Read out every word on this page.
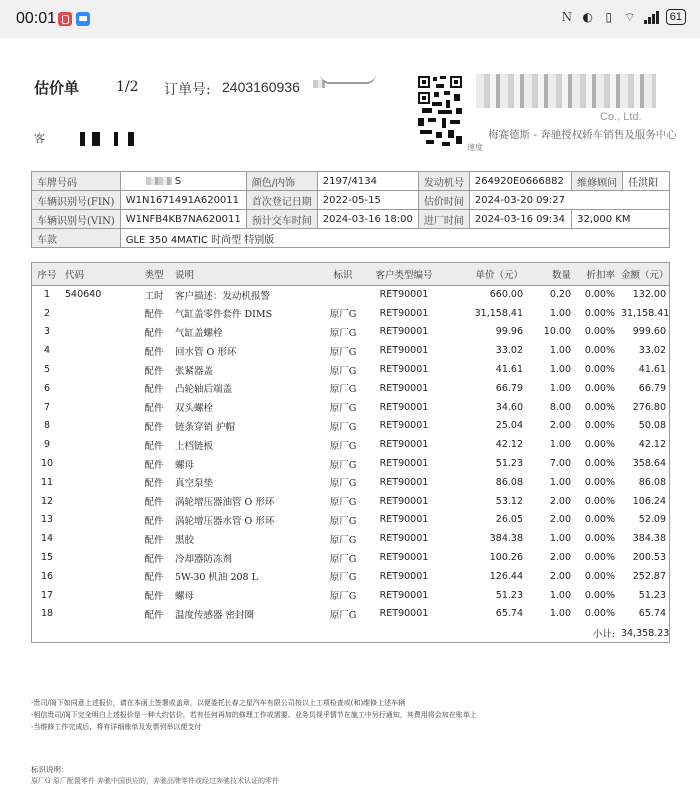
00:01	Ｎ ◐	▯	⌔	61
估价单	1/2 订单号: 2403160936
客
Co., Ltd.
梅赛德斯 - 奔驰授权轿车销售及服务中心
速度
车牌号码	S	颜色/内饰	2197/4134	发动机号	264920E0666882	维修顾问	任洪阳
车辆识别号(FIN)	W1N1671491A620011	首次登记日期	2022-05-15	估价时间	2024-03-20 09:27		
车辆识别号(VIN)	W1NFB4KB7NA620011	预计交车时间	2024-03-16 18:00	进厂时间	2024-03-16 09:34	32,000 KM	
车款	GLE 350 4MATIC 时尚型 特别版						
序号	代码	类型	说明	标识	客户类型编号	单价（元）	数量	折扣率	金额（元）
1	540640	工时	客户描述：发动机报警		RET90001	660.00	0.20	0.00%	132.00
2		配件	气缸盖零件套件 DIMS	原厂G	RET90001	31,158.41	1.00	0.00%	31,158.41
3		配件	气缸盖螺栓	原厂G	RET90001	99.96	10.00	0.00%	999.60
4		配件	回水管 O 形环	原厂G	RET90001	33.02	1.00	0.00%	33.02
5		配件	张紧器盖	原厂G	RET90001	41.61	1.00	0.00%	41.61
6		配件	凸轮轴后端盖	原厂G	RET90001	66.79	1.00	0.00%	66.79
7		配件	双头螺栓	原厂G	RET90001	34.60	8.00	0.00%	276.80
8		配件	链条穿销 护帽	原厂G	RET90001	25.04	2.00	0.00%	50.08
9		配件	上档链板	原厂G	RET90001	42.12	1.00	0.00%	42.12
10		配件	螺母	原厂G	RET90001	51.23	7.00	0.00%	358.64
11		配件	真空泵垫	原厂G	RET90001	86.08	1.00	0.00%	86.08
12		配件	涡轮增压器油管 O 形环	原厂G	RET90001	53.12	2.00	0.00%	106.24
13		配件	涡轮增压器水管 O 形环	原厂G	RET90001	26.05	2.00	0.00%	52.09
14		配件	黑胶	原厂G	RET90001	384.38	1.00	0.00%	384.38
15		配件	冷却器防冻剂	原厂G	RET90001	100.26	2.00	0.00%	200.53
16		配件	5W-30 机油 208 L	原厂G	RET90001	126.44	2.00	0.00%	252.87
17		配件	螺母	原厂G	RET90001	51.23	1.00	0.00%	51.23
18		配件	温度传感器 密封圈	原厂G	RET90001	65.74	1.00	0.00%	65.74
								小计:	34,358.23

-贵司/阁下如同意上述报价，请在本函上签署或盖章，以便委托长春之星汽车有限公司按以上工项检查或(和)维修上述车辆

-相信贵司/阁下完全明白上述报价是一种大约估价，若有任何再加的修理工作或需要、业务员视乎情节在施工中另行通知，其费用将会加在账单上

-当维修工作完成后，将有详细账单及发票列举以便支付

标识说明：
原厂G 原厂配置零件 奔驰中国供应的，奔驰品牌零件或经过奔驰技术认证的零件
